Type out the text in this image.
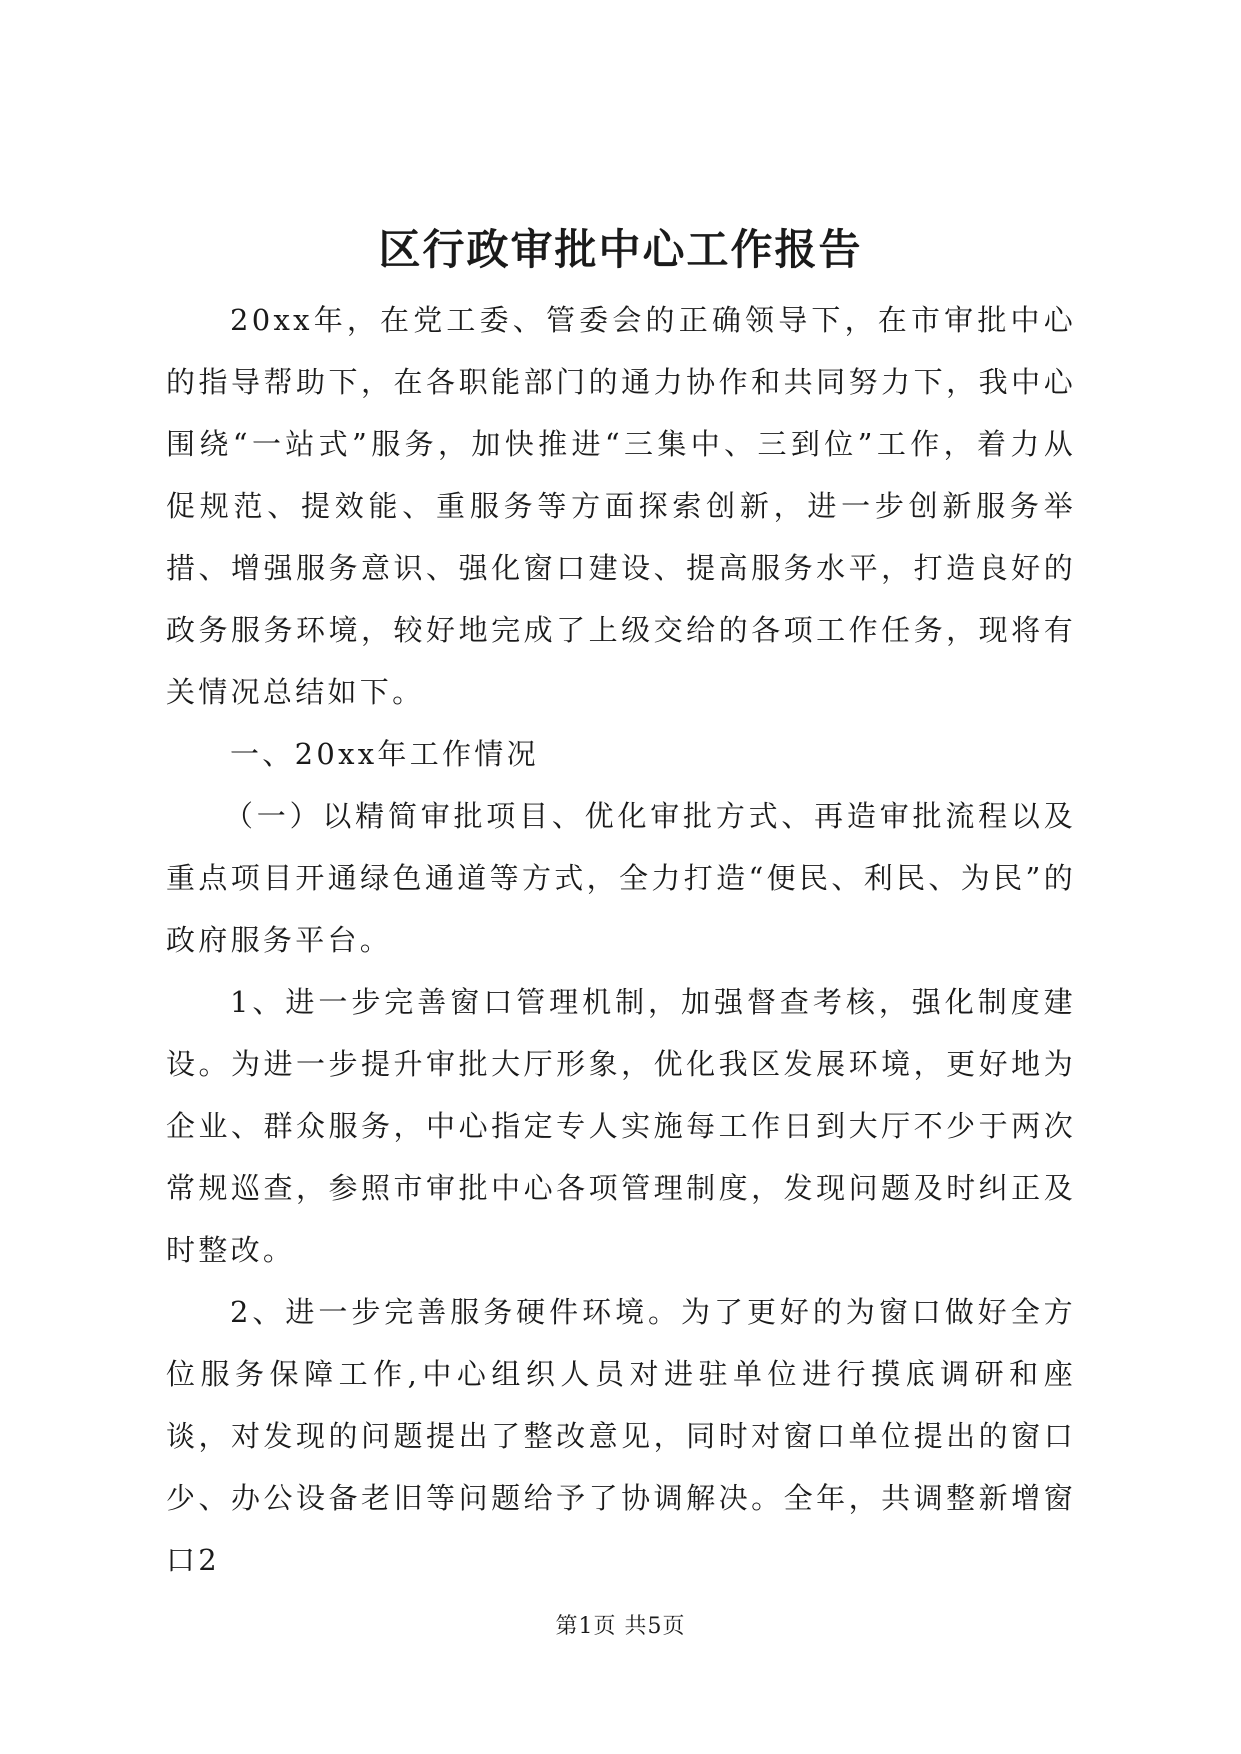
区行政审批中心工作报告

20xx年，在党工委、管委会的正确领导下，在市审批中心的指导帮助下，在各职能部门的通力协作和共同努力下，我中心围绕“一站式”服务，加快推进“三集中、三到位”工作，着力从促规范、提效能、重服务等方面探索创新，进一步创新服务举措、增强服务意识、强化窗口建设、提高服务水平，打造良好的政务服务环境，较好地完成了上级交给的各项工作任务，现将有关情况总结如下。

一、20xx年工作情况

（一）以精简审批项目、优化审批方式、再造审批流程以及重点项目开通绿色通道等方式，全力打造“便民、利民、为民”的政府服务平台。

1、进一步完善窗口管理机制，加强督查考核，强化制度建设。为进一步提升审批大厅形象，优化我区发展环境，更好地为企业、群众服务，中心指定专人实施每工作日到大厅不少于两次常规巡查，参照市审批中心各项管理制度，发现问题及时纠正及时整改。

2、进一步完善服务硬件环境。为了更好的为窗口做好全方位服务保障工作,中心组织人员对进驻单位进行摸底调研和座谈，对发现的问题提出了整改意见，同时对窗口单位提出的窗口少、办公设备老旧等问题给予了协调解决。全年，共调整新增窗口2

第1页 共5页
